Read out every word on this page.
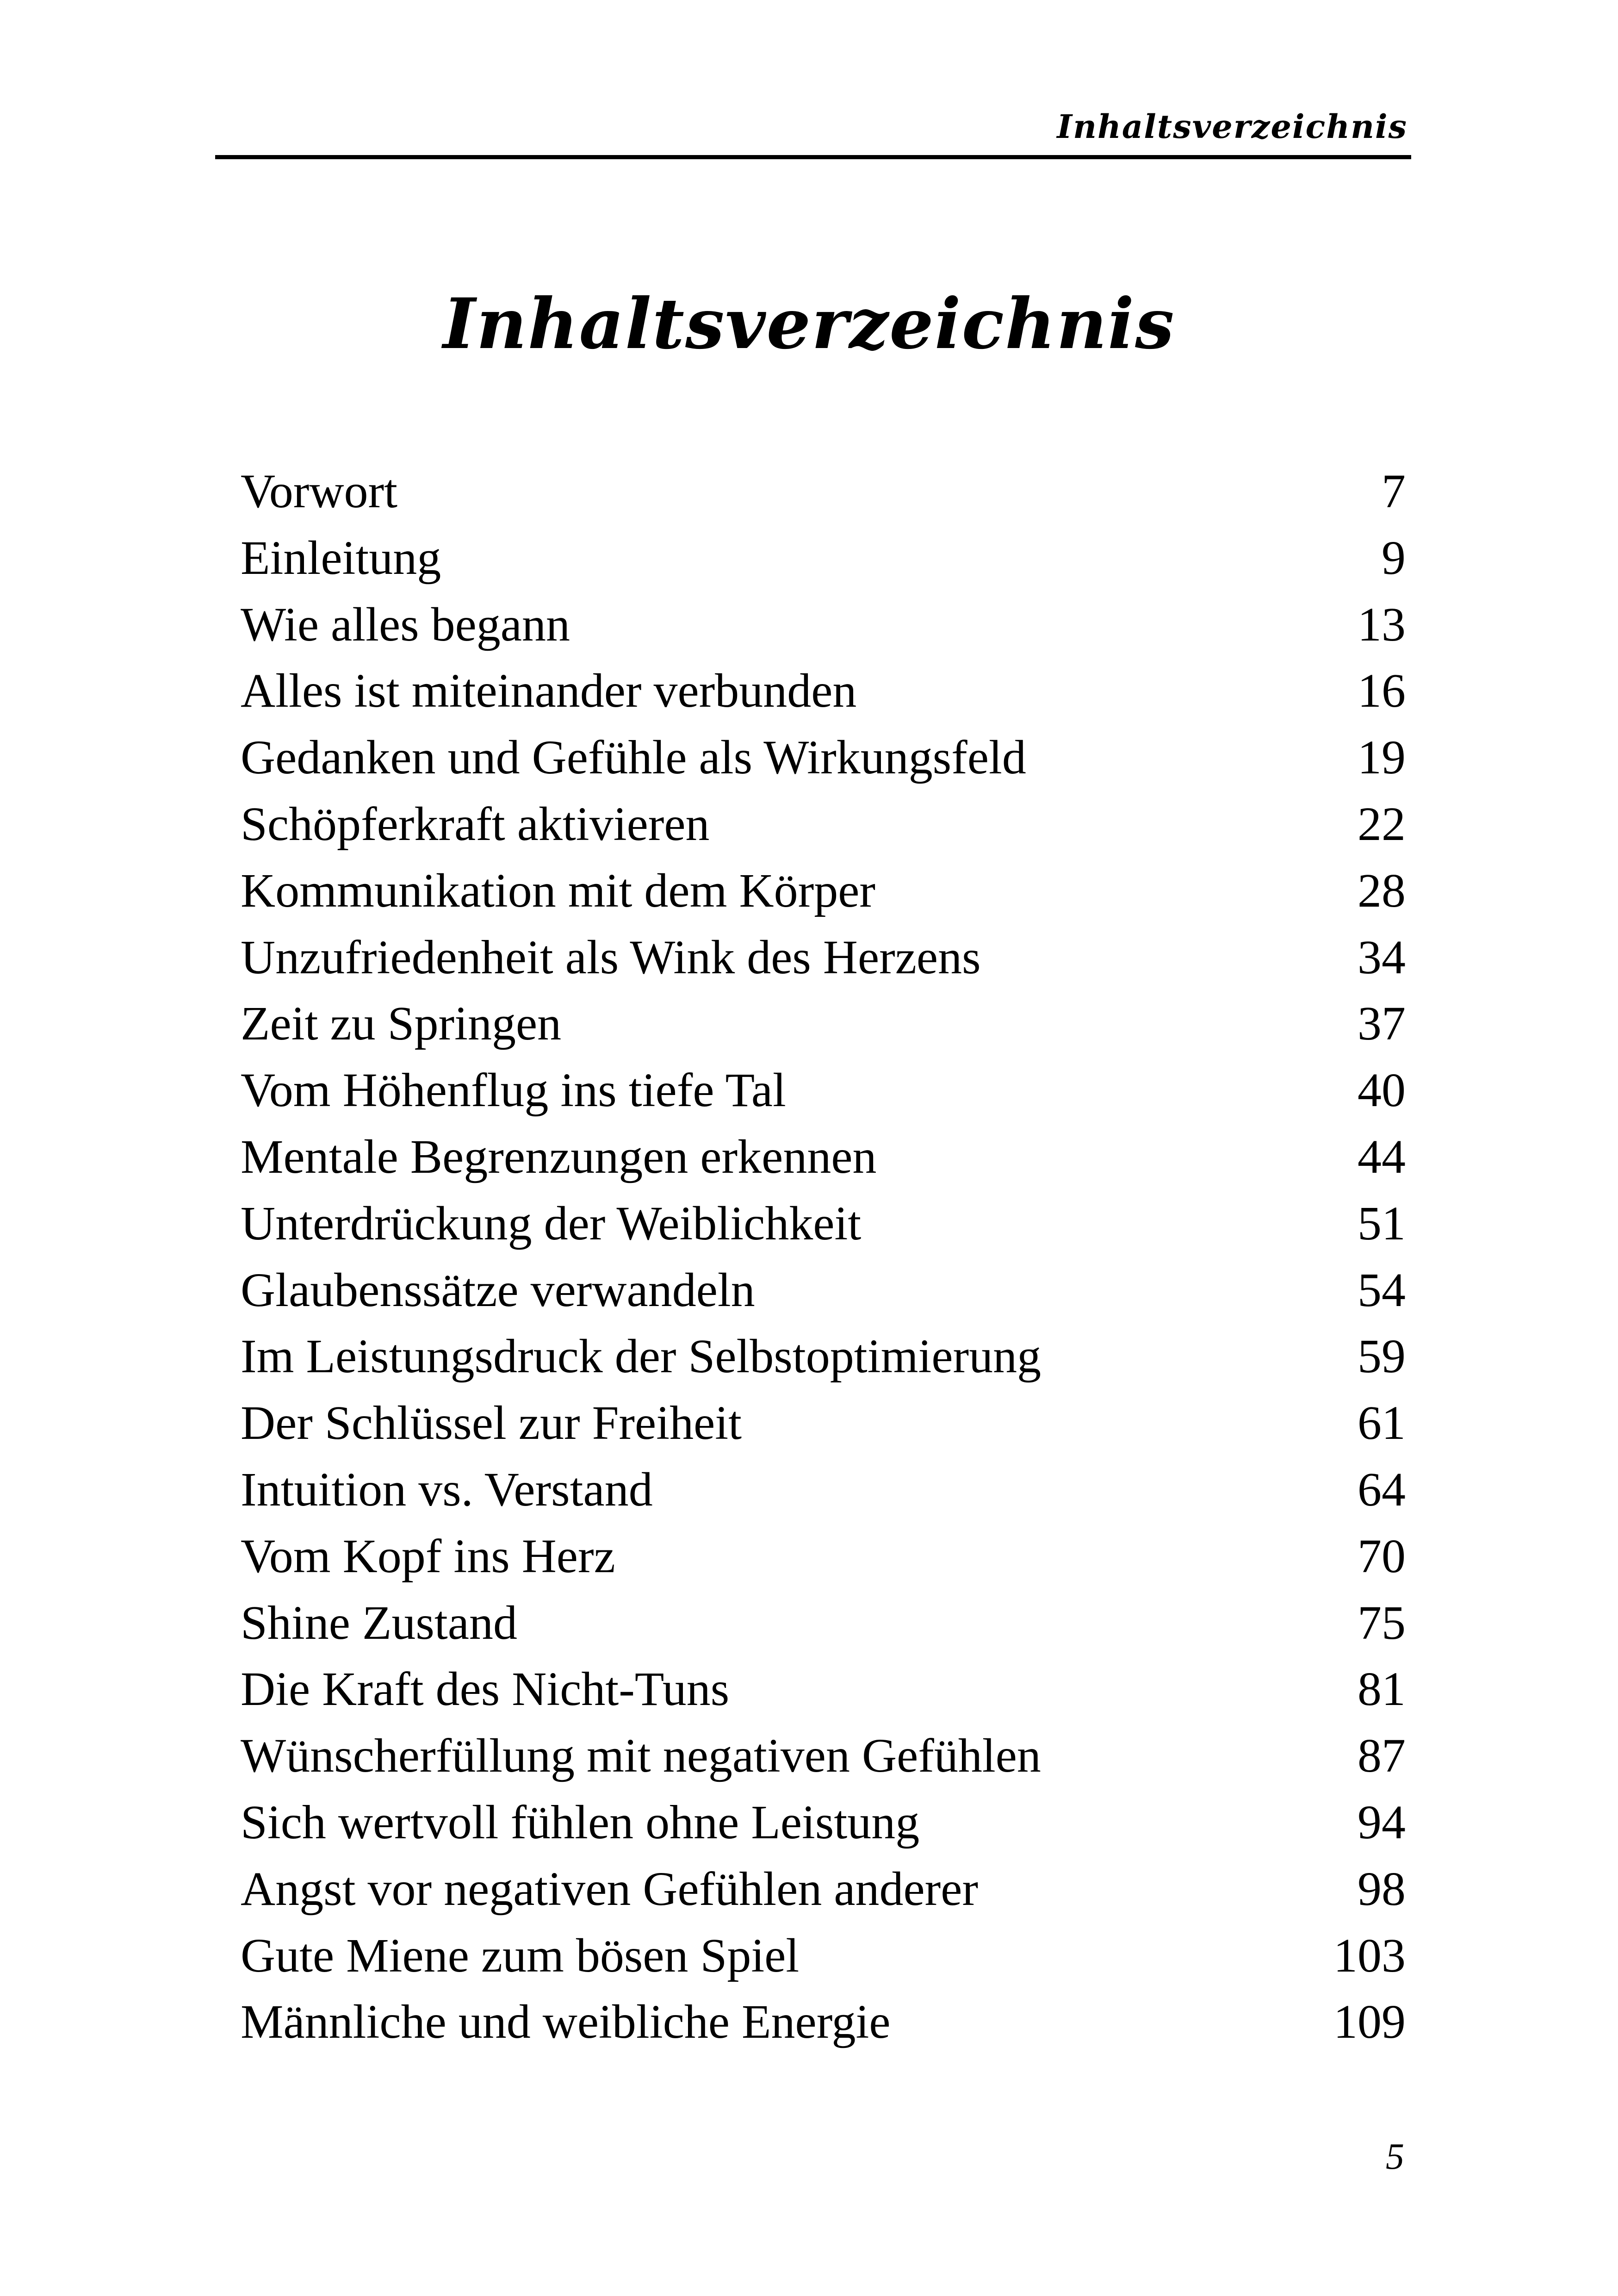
Inhaltsverzeichnis
Inhaltsverzeichnis
Vorwort	7
Einleitung	9
Wie alles begann	13
Alles ist miteinander verbunden	16
Gedanken und Gefühle als Wirkungsfeld	19
Schöpferkraft aktivieren	22
Kommunikation mit dem Körper	28
Unzufriedenheit als Wink des Herzens	34
Zeit zu Springen	37
Vom Höhenflug ins tiefe Tal	40
Mentale Begrenzungen erkennen	44
Unterdrückung der Weiblichkeit	51
Glaubenssätze verwandeln	54
Im Leistungsdruck der Selbstoptimierung	59
Der Schlüssel zur Freiheit	61
Intuition vs. Verstand	64
Vom Kopf ins Herz	70
Shine Zustand	75
Die Kraft des Nicht-Tuns	81
Wünscherfüllung mit negativen Gefühlen	87
Sich wertvoll fühlen ohne Leistung	94
Angst vor negativen Gefühlen anderer	98
Gute Miene zum bösen Spiel	103
Männliche und weibliche Energie	109
5
